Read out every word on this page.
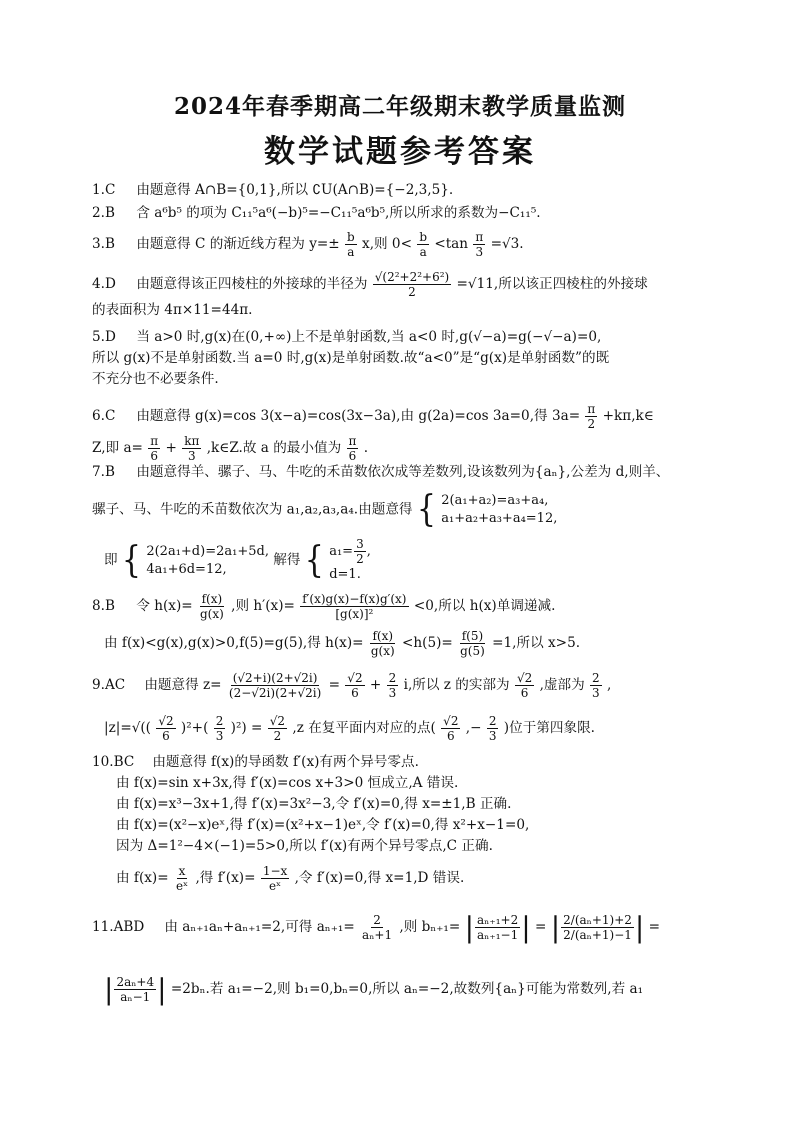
2024年春季期高二年级期末教学质量监测
数学试题参考答案
1.C 由题意得 A∩B={0,1},所以 ∁U(A∩B)={−2,3,5}.
2.B 含 a⁶b⁵ 的项为 C₁₁⁵a⁶(−b)⁵=−C₁₁⁵a⁶b⁵,所以所求的系数为−C₁₁⁵.
3.B 由题意得 C 的渐近线方程为 $y=\pm \frac{b}{a} x$,则 $0< \frac{b}{a} <\tan \frac{\pi}{3} =√3$.
4.D 由题意得该正四棱柱的外接球的半径为 $\frac{\text{√(2²+2²+6²)}}{2} =√11$,所以该正四棱柱的外接球
的表面积为 4π×11=44π.
5.D 当 a>0 时,g(x)在(0,+∞)上不是单射函数,当 a<0 时,g(√−a)=g(−√−a)=0,
所以 g(x)不是单射函数.当 a=0 时,g(x)是单射函数.故“a<0”是“g(x)是单射函数”的既
不充分也不必要条件.
6.C 由题意得 g(x)=cos 3(x−a)=cos(3x−3a),由 g(2a)=cos 3a=0,得 $3a= \frac{\pi}{2}$ +kπ,k∈
Z,即 $a= \frac{\pi}{6} + \frac{k\pi}{3}$ ,k∈Z.故 a 的最小值为 $\frac{\pi}{6}$ .
7.B 由题意得羊、骡子、马、牛吃的禾苗数依次成等差数列,设该数列为{aₙ},公差为 d,则羊、
骡子、马、牛吃的禾苗数依次为 a₁,a₂,a₃,a₄.由题意得 { 2(a₁+a₂)=a₃+a₄,
a₁+a₂+a₃+a₄=12,
即 { 2(2a₁+d)=2a₁+5d,
4a₁+6d=12,
解得 { $a_1= \frac{3}{2}$ ,
d=1.
8.B 令 $h(x)= \frac{f(x)}{g(x)}$ ,则 $h'(x)= \frac{f'(x)g(x)-f(x)g'(x)}{\text{[g(x)]²}} <0$,所以 h(x)单调递减.
由 f(x)<g(x),g(x)>0,f(5)=g(5),得 $h(x)= \frac{f(x)}{g(x)} <h(5)= \frac{f(5)}{g(5)} =1$,所以 x>5.
9.AC 由题意得 $z= \frac{(√2+i)(2+√2i)}{(2-√2i)(2+√2i)} = \frac{√2}{6} + \frac{2}{3} i$,所以 z 的实部为 $\frac{√2}{6}$ ,虚部为 $\frac{2}{3}$ ,
$|z|=√(( \frac{√2}{6} )^2+( \frac{2}{3} )^2) = \frac{√2}{2} ,z$ 在复平面内对应的点( $\frac{√2}{6}$ ,− $\frac{2}{3}$ )位于第四象限.
10.BC 由题意得 f(x)的导函数 f′(x)有两个异号零点.
由 f(x)=sin x+3x,得 f′(x)=cos x+3>0 恒成立,A 错误.
由 f(x)=x³−3x+1,得 f′(x)=3x²−3,令 f′(x)=0,得 x=±1,B 正确.
由 f(x)=(x²−x)eˣ,得 f′(x)=(x²+x−1)eˣ,令 f′(x)=0,得 x²+x−1=0,
因为 Δ=1²−4×(−1)=5>0,所以 f′(x)有两个异号零点,C 正确.
由 $f(x)= \frac{x}{\text{eˣ}}$ ,得 $f'(x)= \frac{1-x}{\text{eˣ}}$ ,令 f′(x)=0,得 x=1,D 错误.
11.ABD 由 aₙ₊₁aₙ+aₙ₊₁=2,可得 $a_{n+1}= \frac{2}{\text{aₙ+1}}$ ,则 bₙ₊₁= | $\frac{\text{aₙ₊₁+2}}{\text{aₙ₊₁−1}}$ | = | $\frac{\text{2/(aₙ+1)+2}}{\text{2/(aₙ+1)−1}}$ | =
| $\frac{\text{2aₙ+4}}{\text{aₙ−1}}$ | =2bₙ.若 a₁=−2,则 b₁=0,bₙ=0,所以 aₙ=−2,故数列{aₙ}可能为常数列,若 a₁
